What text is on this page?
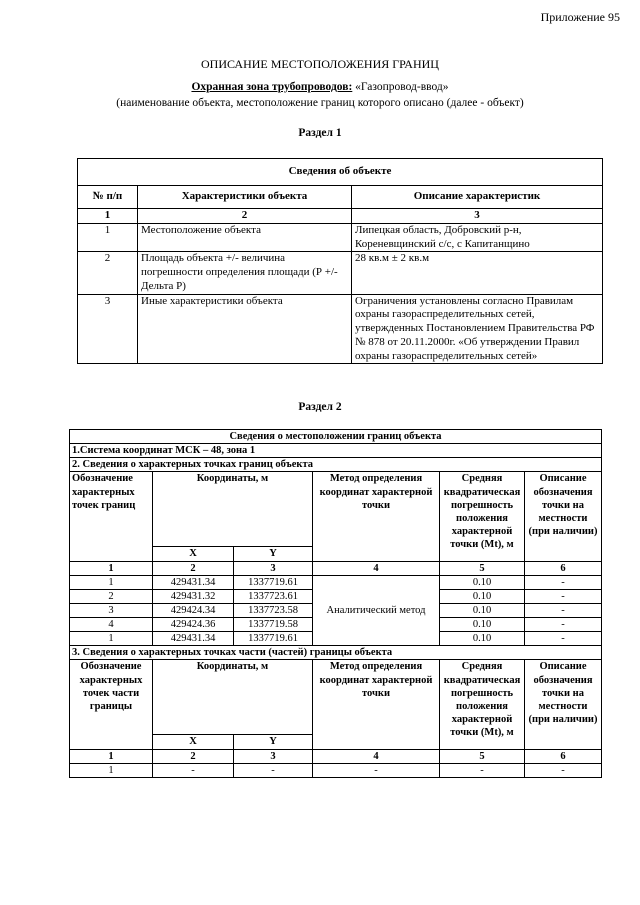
Приложение 95
ОПИСАНИЕ МЕСТОПОЛОЖЕНИЯ ГРАНИЦ
Охранная зона трубопроводов: «Газопровод-ввод»
(наименование объекта, местоположение границ которого описано (далее - объект)
Раздел 1
Сведения об объекте		
№ п/п	Характеристики объекта	Описание характеристик
1	2	3
1	Местоположение объекта	Липецкая область, Добровский р-н, Кореневщинский с/с, с Капитанщино
2	Площадь объекта +/- величина погрешности определения площади (Р +/- Дельта Р)	28 кв.м ± 2 кв.м
3	Иные характеристики объекта	Ограничения установлены согласно Правилам охраны газораспределительных сетей, утвержденных Постановлением Правительства РФ № 878 от 20.11.2000г. «Об утверждении Правил охраны газораспределительных сетей»
Раздел 2
Сведения о местоположении границ объекта					
1.Система координат МСК – 48, зона 1					
2. Сведения о характерных точках границ объекта					
Обозначение характерных точек границ	Координаты, м		Метод определения координат характерной точки	Средняя квадратическая погрешность положения характерной точки (Mt), м	Описание обозначения точки на местности (при наличии)
	X	Y			
1	2	3	4	5	6
1	429431.34	1337719.61	Аналитический метод	0.10	-
2	429431.32	1337723.61		0.10	-
3	429424.34	1337723.58		0.10	-
4	429424.36	1337719.58		0.10	-
1	429431.34	1337719.61		0.10	-
3. Сведения о характерных точках части (частей) границы объекта					
Обозначение характерных точек части границы	Координаты, м		Метод определения координат характерной точки	Средняя квадратическая погрешность положения характерной точки (Mt), м	Описание обозначения точки на местности (при наличии)
	X	Y			
1	2	3	4	5	6
1	-	-	-	-	-
